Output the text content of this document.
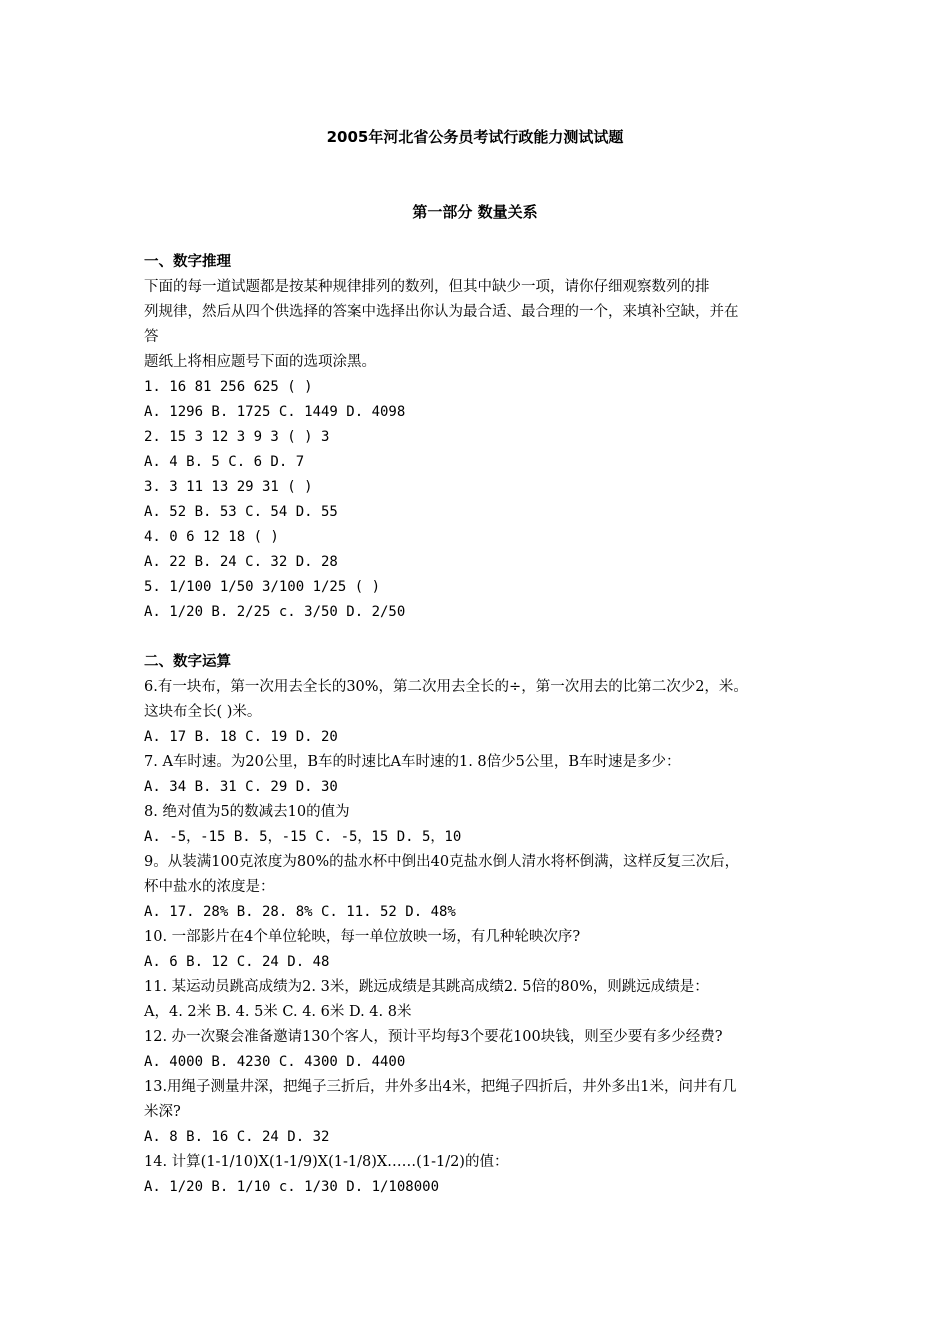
2005年河北省公务员考试行政能力测试试题
第一部分 数量关系
一、数字推理
下面的每一道试题都是按某种规律排列的数列，但其中缺少一项，请你仔细观察数列的排
列规律，然后从四个供选择的答案中选择出你认为最合适、最合理的一个，来填补空缺，并在
答
题纸上将相应题号下面的选项涂黑。
1. 16 81 256 625 ( )
A. 1296 B. 1725 C. 1449 D. 4098
2. 15 3 12 3 9 3 ( ) 3
A. 4 B. 5 C. 6 D. 7
3. 3 11 13 29 31 ( )
A. 52 B. 53 C. 54 D. 55
4. 0 6 12 18 ( )
A. 22 B. 24 C. 32 D. 28
5. 1/100 1/50 3/100 1/25 ( )
A. 1/20 B. 2/25 c. 3/50 D. 2/50
二、数字运算
6.有一块布，第一次用去全长的30%，第二次用去全长的÷，第一次用去的比第二次少2，米。
这块布全长( )米。
A. 17 B. 18 C. 19 D. 20
7. A车时速。为20公里，B车的时速比A车时速的1. 8倍少5公里，B车时速是多少：
A. 34 B. 31 C. 29 D. 30
8. 绝对值为5的数减去10的值为
A. -5，-15 B. 5，-15 C. -5，15 D. 5，10
9。从装满100克浓度为80%的盐水杯中倒出40克盐水倒人清水将杯倒满，这样反复三次后，
杯中盐水的浓度是：
A. 17. 28% B. 28. 8% C. 11. 52 D. 48%
10. 一部影片在4个单位轮映，每一单位放映一场，有几种轮映次序?
A. 6 B. 12 C. 24 D. 48
11. 某运动员跳高成绩为2. 3米，跳远成绩是其跳高成绩2. 5倍的80%，则跳远成绩是：
A，4. 2米 B. 4. 5米 C. 4. 6米 D. 4. 8米
12. 办一次聚会准备邀请130个客人，预计平均每3个要花100块钱，则至少要有多少经费?
A. 4000 B. 4230 C. 4300 D. 4400
13.用绳子测量井深，把绳子三折后，井外多出4米，把绳子四折后，井外多出1米，问井有几
米深?
A. 8 B. 16 C. 24 D. 32
14. 计算(1-1/10)X(1-1/9)X(1-1/8)X……(1-1/2)的值：
A. 1/20 B. 1/10 c. 1/30 D. 1/108000
